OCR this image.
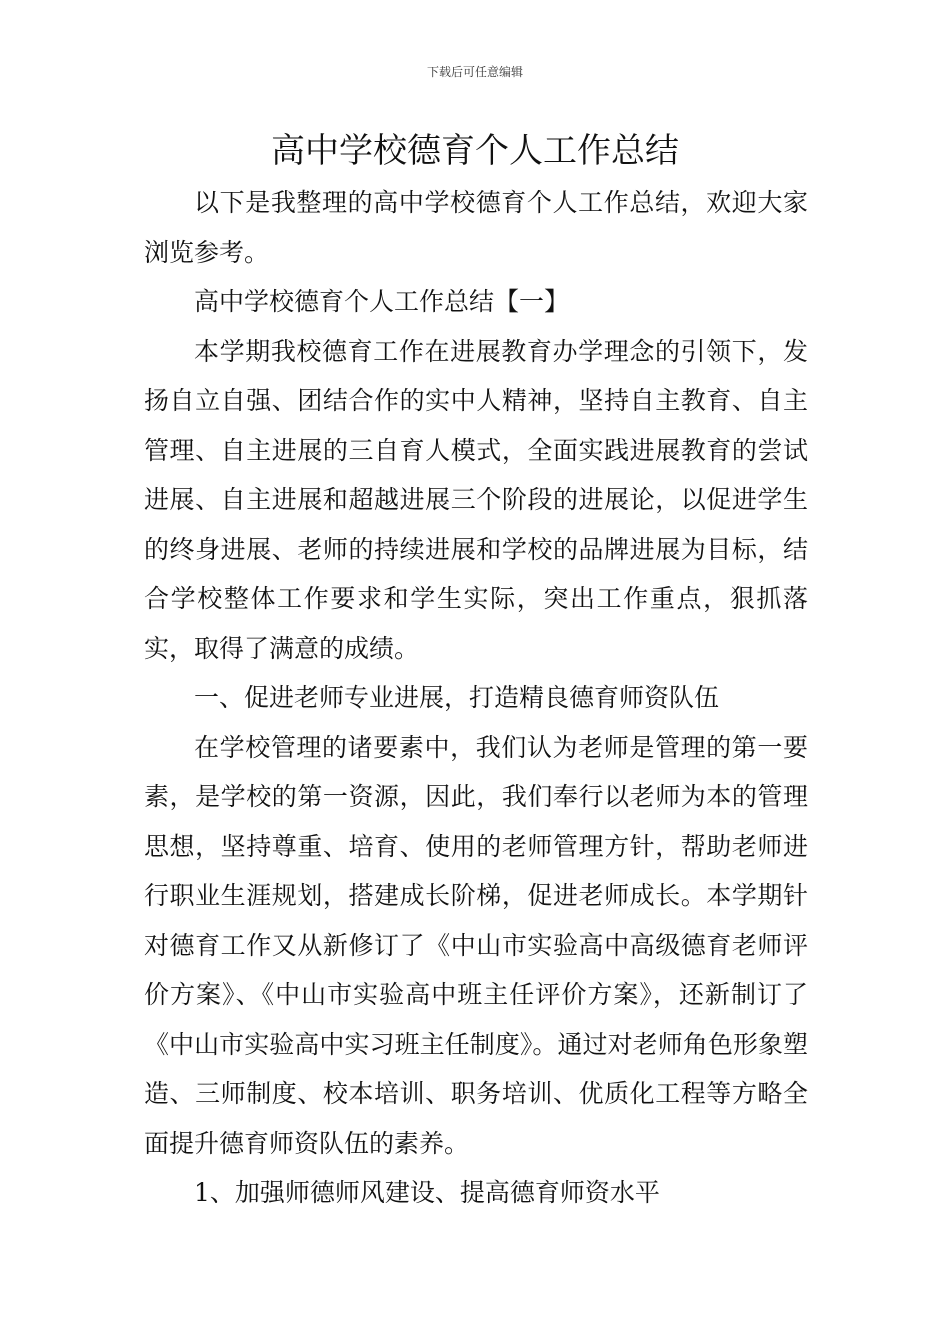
下载后可任意编辑
高中学校德育个人工作总结

以下是我整理的高中学校德育个人工作总结，欢迎大家浏览参考。

高中学校德育个人工作总结【一】

本学期我校德育工作在进展教育办学理念的引领下，发扬自立自强、团结合作的实中人精神，坚持自主教育、自主管理、自主进展的三自育人模式，全面实践进展教育的尝试进展、自主进展和超越进展三个阶段的进展论，以促进学生的终身进展、老师的持续进展和学校的品牌进展为目标，结合学校整体工作要求和学生实际，突出工作重点，狠抓落实，取得了满意的成绩。

一、促进老师专业进展，打造精良德育师资队伍

在学校管理的诸要素中，我们认为老师是管理的第一要素，是学校的第一资源，因此，我们奉行以老师为本的管理思想，坚持尊重、培育、使用的老师管理方针，帮助老师进行职业生涯规划，搭建成长阶梯，促进老师成长。本学期针对德育工作又从新修订了《中山市实验高中高级德育老师评价方案》、《中山市实验高中班主任评价方案》，还新制订了《中山市实验高中实习班主任制度》。通过对老师角色形象塑造、三师制度、校本培训、职务培训、优质化工程等方略全面提升德育师资队伍的素养。

1、加强师德师风建设、提高德育师资水平
